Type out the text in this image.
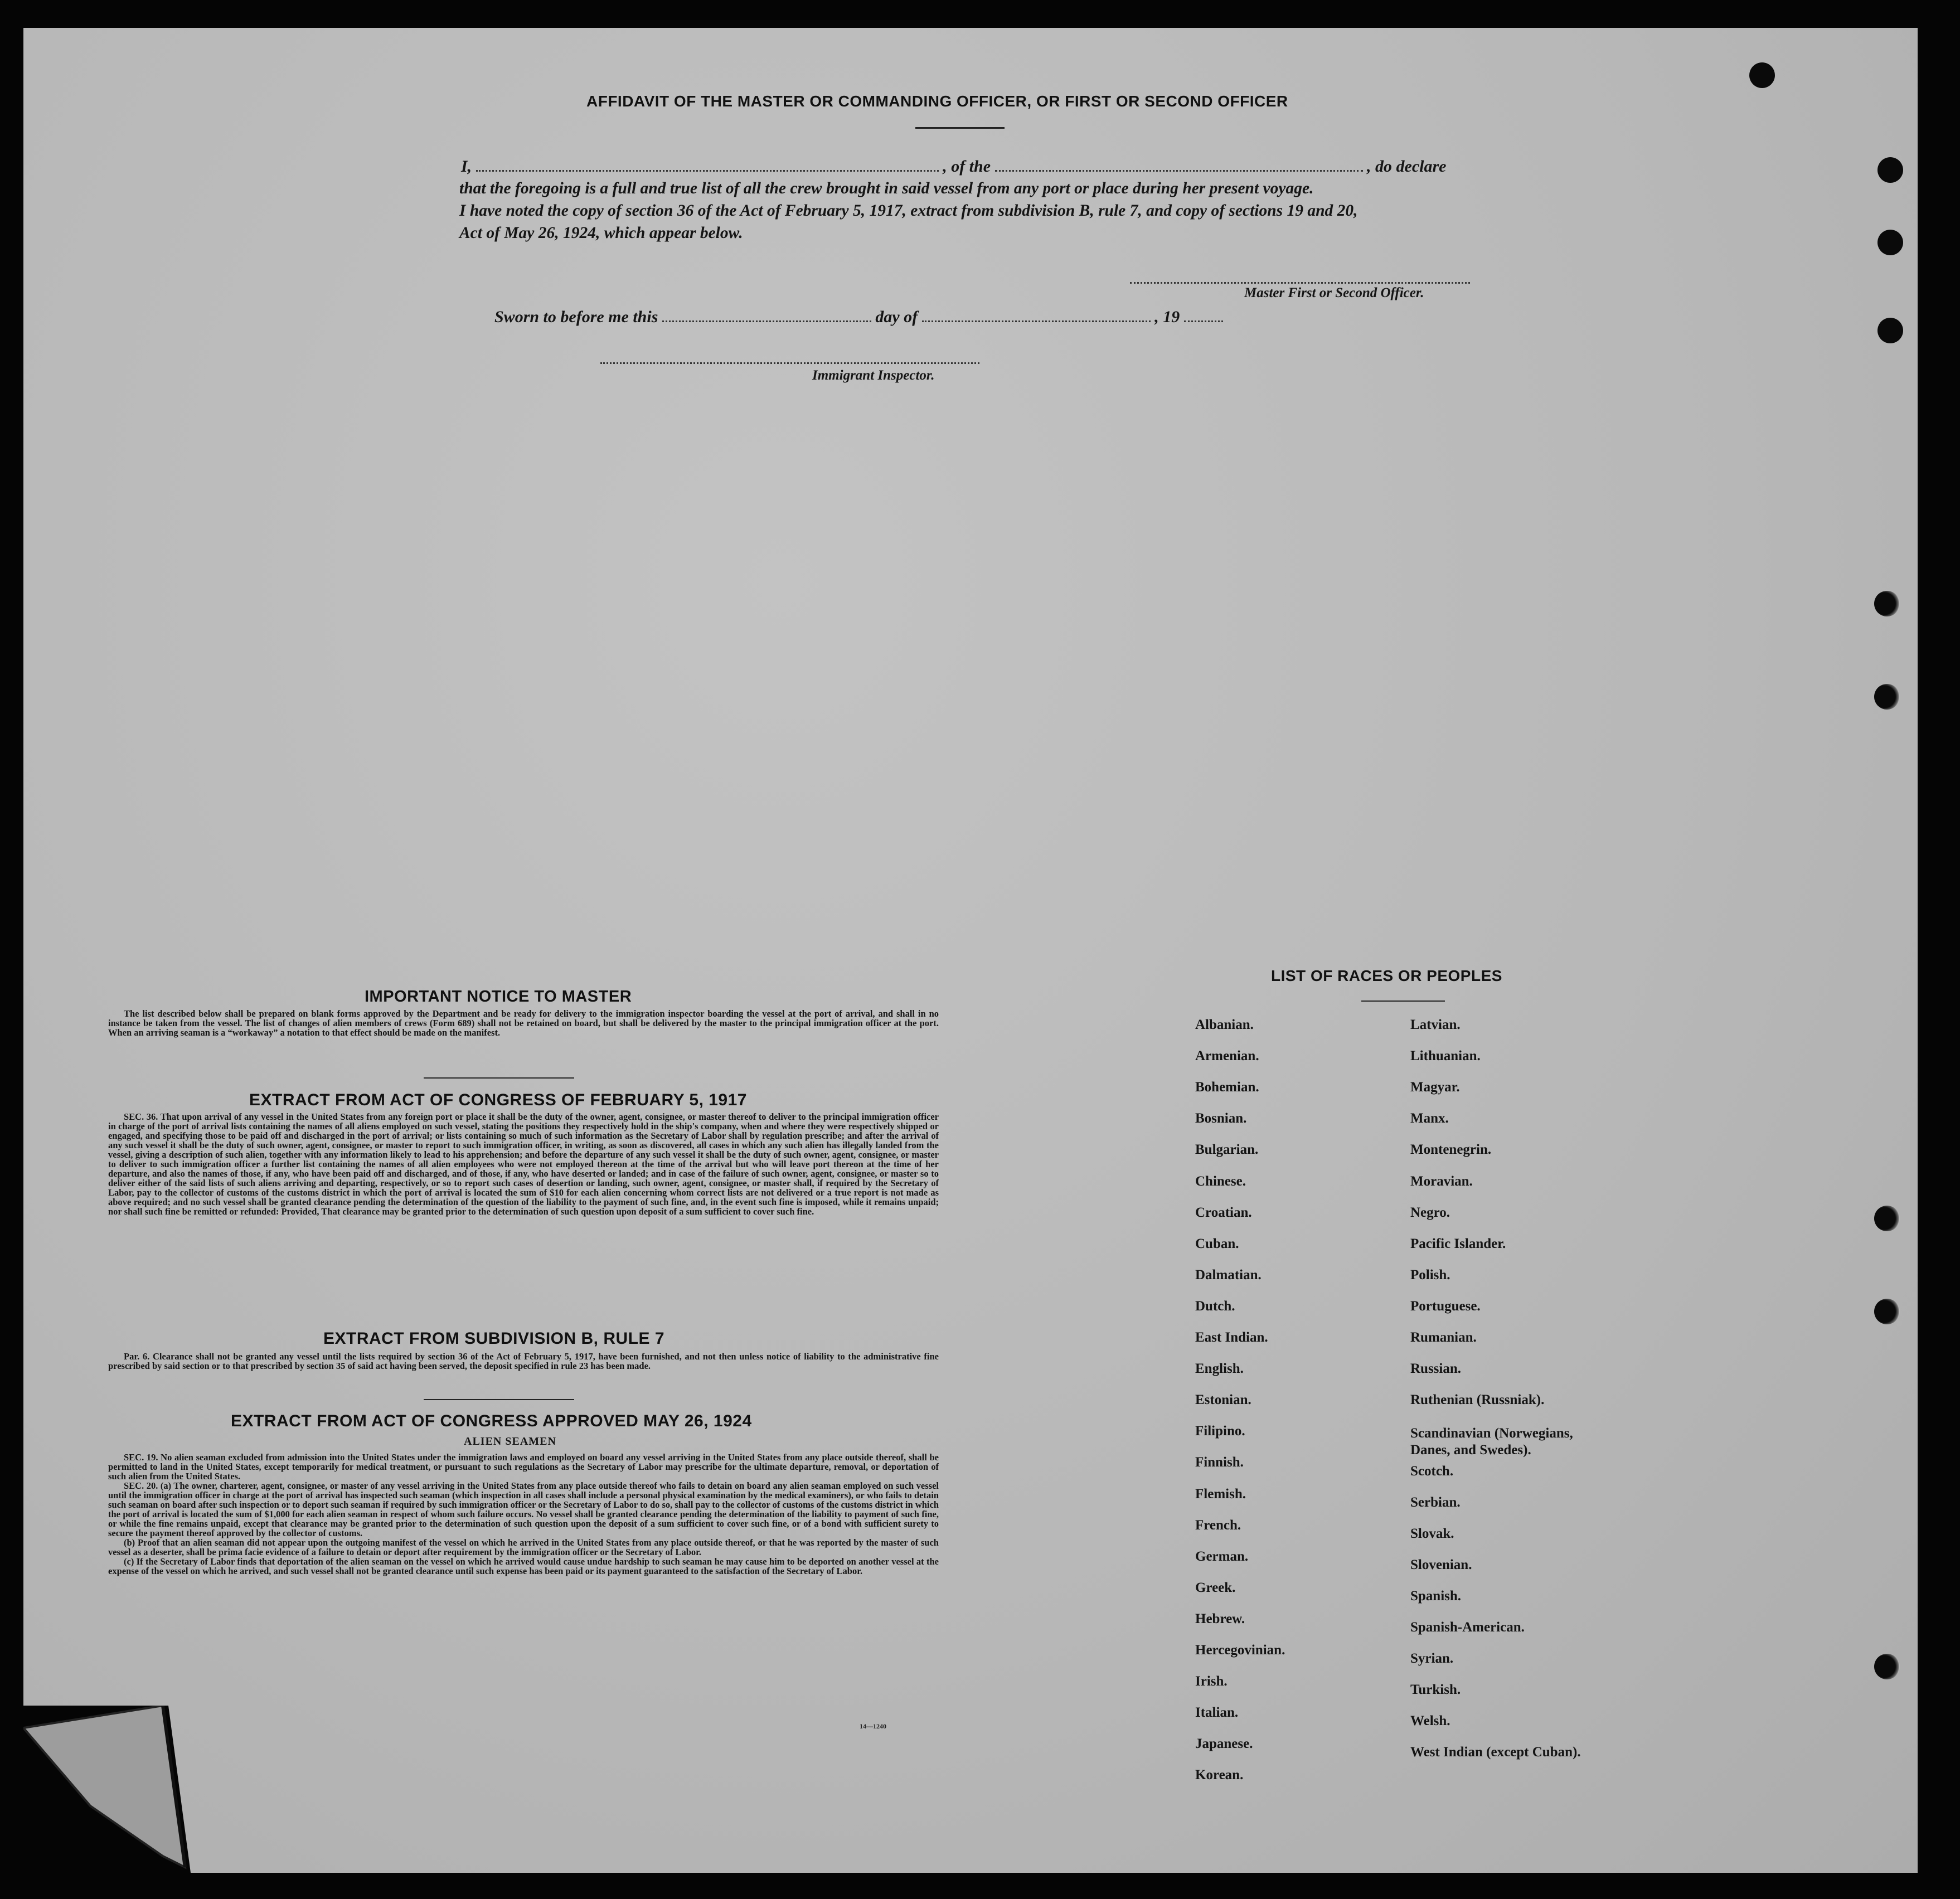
AFFIDAVIT OF THE MASTER OR COMMANDING OFFICER, OR FIRST OR SECOND OFFICER
I,	, of the	, do declare
that the foregoing is a full and true list of all the crew brought in said vessel from any port or place during her present voyage.
I have noted the copy of section 36 of the Act of February 5, 1917, extract from subdivision B, rule 7, and copy of sections 19 and 20,
Act of May 26, 1924, which appear below.
Master First or Second Officer.
Sworn to before me this	day of	, 19
Immigrant Inspector.
IMPORTANT NOTICE TO MASTER

The list described below shall be prepared on blank forms approved by the Department and be ready for delivery to the immigration inspector boarding the vessel at the port of arrival, and shall in no instance be taken from the vessel. The list of changes of alien members of crews (Form 689) shall not be retained on board, but shall be delivered by the master to the principal immigration officer at the port. When an arriving seaman is a “workaway” a notation to that effect should be made on the manifest.

EXTRACT FROM ACT OF CONGRESS OF FEBRUARY 5, 1917

SEC. 36. That upon arrival of any vessel in the United States from any foreign port or place it shall be the duty of the owner, agent, consignee, or master thereof to deliver to the principal immigration officer in charge of the port of arrival lists containing the names of all aliens employed on such vessel, stating the positions they respectively hold in the ship's company, when and where they were respectively shipped or engaged, and specifying those to be paid off and discharged in the port of arrival; or lists containing so much of such information as the Secretary of Labor shall by regulation prescribe; and after the arrival of any such vessel it shall be the duty of such owner, agent, consignee, or master to report to such immigration officer, in writing, as soon as discovered, all cases in which any such alien has illegally landed from the vessel, giving a description of such alien, together with any information likely to lead to his apprehension; and before the departure of any such vessel it shall be the duty of such owner, agent, consignee, or master to deliver to such immigration officer a further list containing the names of all alien employees who were not employed thereon at the time of the arrival but who will leave port thereon at the time of her departure, and also the names of those, if any, who have been paid off and discharged, and of those, if any, who have deserted or landed; and in case of the failure of such owner, agent, consignee, or master so to deliver either of the said lists of such aliens arriving and departing, respectively, or so to report such cases of desertion or landing, such owner, agent, consignee, or master shall, if required by the Secretary of Labor, pay to the collector of customs of the customs district in which the port of arrival is located the sum of $10 for each alien concerning whom correct lists are not delivered or a true report is not made as above required; and no such vessel shall be granted clearance pending the determination of the question of the liability to the payment of such fine, and, in the event such fine is imposed, while it remains unpaid; nor shall such fine be remitted or refunded: Provided, That clearance may be granted prior to the determination of such question upon deposit of a sum sufficient to cover such fine.

EXTRACT FROM SUBDIVISION B, RULE 7

Par. 6. Clearance shall not be granted any vessel until the lists required by section 36 of the Act of February 5, 1917, have been furnished, and not then unless notice of liability to the administrative fine prescribed by said section or to that prescribed by section 35 of said act having been served, the deposit specified in rule 23 has been made.

EXTRACT FROM ACT OF CONGRESS APPROVED MAY 26, 1924
ALIEN SEAMEN

SEC. 19. No alien seaman excluded from admission into the United States under the immigration laws and employed on board any vessel arriving in the United States from any place outside thereof, shall be permitted to land in the United States, except temporarily for medical treatment, or pursuant to such regulations as the Secretary of Labor may prescribe for the ultimate departure, removal, or deportation of such alien from the United States.

SEC. 20. (a) The owner, charterer, agent, consignee, or master of any vessel arriving in the United States from any place outside thereof who fails to detain on board any alien seaman employed on such vessel until the immigration officer in charge at the port of arrival has inspected such seaman (which inspection in all cases shall include a personal physical examination by the medical examiners), or who fails to detain such seaman on board after such inspection or to deport such seaman if required by such immigration officer or the Secretary of Labor to do so, shall pay to the collector of customs of the customs district in which the port of arrival is located the sum of $1,000 for each alien seaman in respect of whom such failure occurs. No vessel shall be granted clearance pending the determination of the liability to payment of such fine, or while the fine remains unpaid, except that clearance may be granted prior to the determination of such question upon the deposit of a sum sufficient to cover such fine, or of a bond with sufficient surety to secure the payment thereof approved by the collector of customs.

(b) Proof that an alien seaman did not appear upon the outgoing manifest of the vessel on which he arrived in the United States from any place outside thereof, or that he was reported by the master of such vessel as a deserter, shall be prima facie evidence of a failure to detain or deport after requirement by the immigration officer or the Secretary of Labor.

(c) If the Secretary of Labor finds that deportation of the alien seaman on the vessel on which he arrived would cause undue hardship to such seaman he may cause him to be deported on another vessel at the expense of the vessel on which he arrived, and such vessel shall not be granted clearance until such expense has been paid or its payment guaranteed to the satisfaction of the Secretary of Labor.

14—1240
LIST OF RACES OR PEOPLES
Albanian.
Armenian.
Bohemian.
Bosnian.
Bulgarian.
Chinese.
Croatian.
Cuban.
Dalmatian.
Dutch.
East Indian.
English.
Estonian.
Filipino.
Finnish.
Flemish.
French.
German.
Greek.
Hebrew.
Hercegovinian.
Irish.
Italian.
Japanese.
Korean.
Latvian.
Lithuanian.
Magyar.
Manx.
Montenegrin.
Moravian.
Negro.
Pacific Islander.
Polish.
Portuguese.
Rumanian.
Russian.
Ruthenian (Russniak).
Scandinavian (Norwegians,
Danes, and Swedes).
Scotch.
Serbian.
Slovak.
Slovenian.
Spanish.
Spanish-American.
Syrian.
Turkish.
Welsh.
West Indian (except Cuban).
